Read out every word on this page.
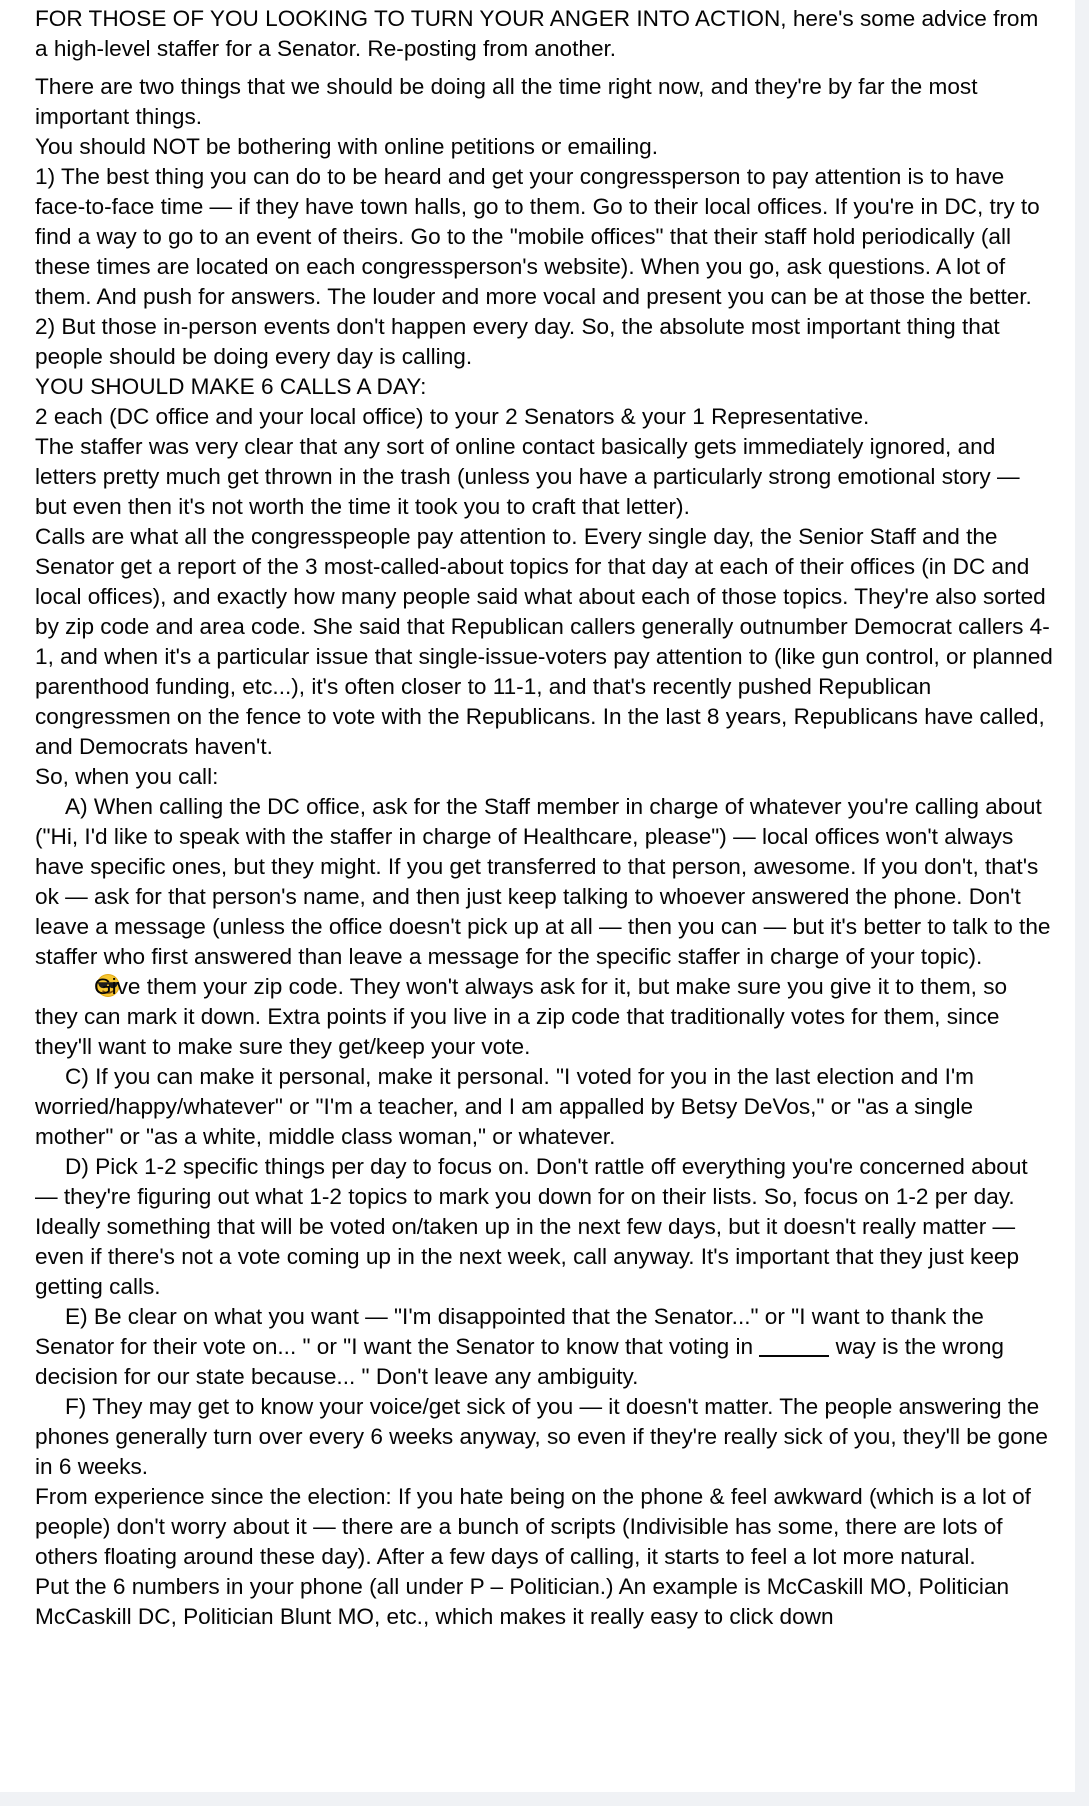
FOR THOSE OF YOU LOOKING TO TURN YOUR ANGER INTO ACTION, here's some advice from a high-level staffer for a Senator. Re-posting from another.

There are two things that we should be doing all the time right now, and they're by far the most important things.

You should NOT be bothering with online petitions or emailing.

1) The best thing you can do to be heard and get your congressperson to pay attention is to have face-to-face time — if they have town halls, go to them. Go to their local offices. If you're in DC, try to find a way to go to an event of theirs. Go to the "mobile offices" that their staff hold periodically (all these times are located on each congressperson's website). When you go, ask questions. A lot of them. And push for answers. The louder and more vocal and present you can be at those the better.

2) But those in-person events don't happen every day. So, the absolute most important thing that people should be doing every day is calling.

YOU SHOULD MAKE 6 CALLS A DAY:

2 each (DC office and your local office) to your 2 Senators & your 1 Representative.

The staffer was very clear that any sort of online contact basically gets immediately ignored, and letters pretty much get thrown in the trash (unless you have a particularly strong emotional story — but even then it's not worth the time it took you to craft that letter).

Calls are what all the congresspeople pay attention to. Every single day, the Senior Staff and the Senator get a report of the 3 most-called-about topics for that day at each of their offices (in DC and local offices), and exactly how many people said what about each of those topics. They're also sorted by zip code and area code. She said that Republican callers generally outnumber Democrat callers 4-1, and when it's a particular issue that single-issue-voters pay attention to (like gun control, or planned parenthood funding, etc...), it's often closer to 11-1, and that's recently pushed Republican congressmen on the fence to vote with the Republicans. In the last 8 years, Republicans have called, and Democrats haven't.

So, when you call:

A) When calling the DC office, ask for the Staff member in charge of whatever you're calling about ("Hi, I'd like to speak with the staffer in charge of Healthcare, please") — local offices won't always have specific ones, but they might. If you get transferred to that person, awesome. If you don't, that's ok — ask for that person's name, and then just keep talking to whoever answered the phone. Don't leave a message (unless the office doesn't pick up at all — then you can — but it's better to talk to the staffer who first answered than leave a message for the specific staffer in charge of your topic).

Give them your zip code. They won't always ask for it, but make sure you give it to them, so they can mark it down. Extra points if you live in a zip code that traditionally votes for them, since they'll want to make sure they get/keep your vote.

C) If you can make it personal, make it personal. "I voted for you in the last election and I'm worried/happy/whatever" or "I'm a teacher, and I am appalled by Betsy DeVos," or "as a single mother" or "as a white, middle class woman," or whatever.

D) Pick 1-2 specific things per day to focus on. Don't rattle off everything you're concerned about — they're figuring out what 1-2 topics to mark you down for on their lists. So, focus on 1-2 per day. Ideally something that will be voted on/taken up in the next few days, but it doesn't really matter — even if there's not a vote coming up in the next week, call anyway. It's important that they just keep getting calls.

E) Be clear on what you want — "I'm disappointed that the Senator..." or "I want to thank the Senator for their vote on... " or "I want the Senator to know that voting in	way is the wrong decision for our state because... " Don't leave any ambiguity.

F) They may get to know your voice/get sick of you — it doesn't matter. The people answering the phones generally turn over every 6 weeks anyway, so even if they're really sick of you, they'll be gone in 6 weeks.

From experience since the election: If you hate being on the phone & feel awkward (which is a lot of people) don't worry about it — there are a bunch of scripts (Indivisible has some, there are lots of others floating around these day). After a few days of calling, it starts to feel a lot more natural.

Put the 6 numbers in your phone (all under P – Politician.) An example is McCaskill MO, Politician McCaskill DC, Politician Blunt MO, etc., which makes it really easy to click down
